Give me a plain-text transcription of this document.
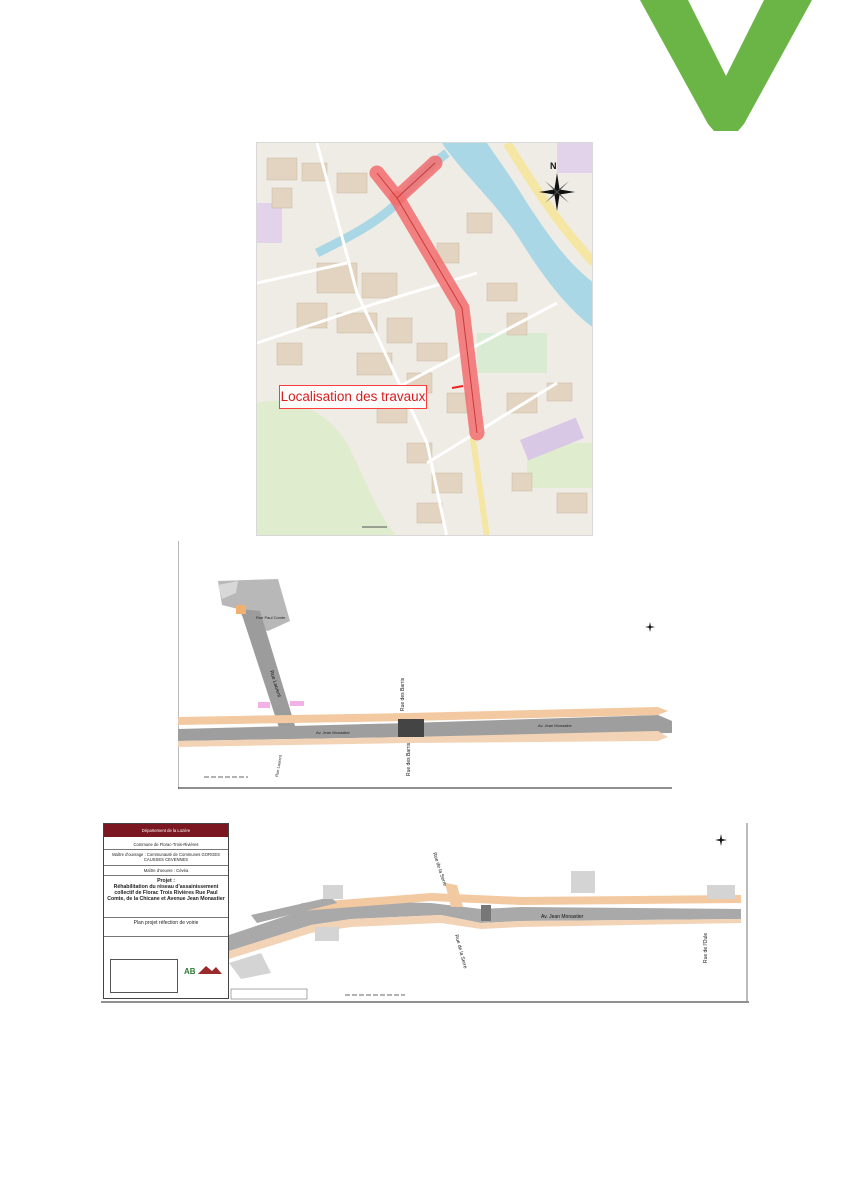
N
Localisation des travaux
Rue Paul Comte
Rue Laurent	Rue des Barris
Rue des Barris
Av. Jean Monastier
Av. Jean Monastier
Rue Laurent
Rue de la Serre
Rue de la Serre
Av. Jean Monastier
Rue de l'Oule
Département de la Lozère
Commune de Florac-Trois-Rivières
Maître d'ouvrage : Communauté de Communes GORGES CAUSSES CEVENNES
Maître d'oeuvre : Cévéa
Projet :
Réhabilitation du réseau d'assainissement collectif de Florac Trois Rivières Rue Paul Comte, de la Chicane et Avenue Jean Monastier
Plan projet réfection de voirie
AB
